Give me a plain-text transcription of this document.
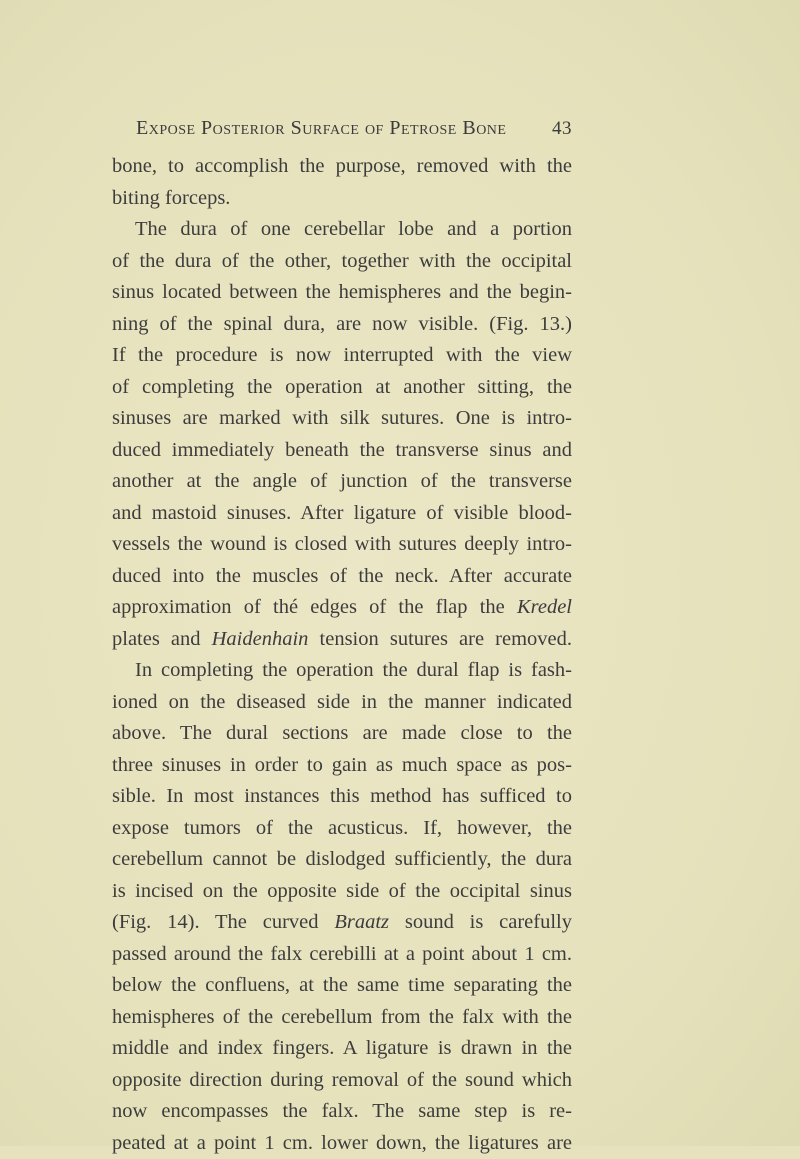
Expose Posterior Surface of Petrose Bone 43
bone, to accomplish the purpose, removed with the
biting forceps.
The dura of one cerebellar lobe and a portion
of the dura of the other, together with the occipital
sinus located between the hemispheres and the begin-
ning of the spinal dura, are now visible. (Fig. 13.)
If the procedure is now interrupted with the view
of completing the operation at another sitting, the
sinuses are marked with silk sutures. One is intro-
duced immediately beneath the transverse sinus and
another at the angle of junction of the transverse
and mastoid sinuses. After ligature of visible blood-
vessels the wound is closed with sutures deeply intro-
duced into the muscles of the neck. After accurate
approximation of thé edges of the flap the Kredel
plates and Haidenhain tension sutures are removed.
In completing the operation the dural flap is fash-
ioned on the diseased side in the manner indicated
above. The dural sections are made close to the
three sinuses in order to gain as much space as pos-
sible. In most instances this method has sufficed to
expose tumors of the acusticus. If, however, the
cerebellum cannot be dislodged sufficiently, the dura
is incised on the opposite side of the occipital sinus
(Fig. 14). The curved Braatz sound is carefully
passed around the falx cerebilli at a point about 1 cm.
below the confluens, at the same time separating the
hemispheres of the cerebellum from the falx with the
middle and index fingers. A ligature is drawn in the
opposite direction during removal of the sound which
now encompasses the falx. The same step is re-
peated at a point 1 cm. lower down, the ligatures are
